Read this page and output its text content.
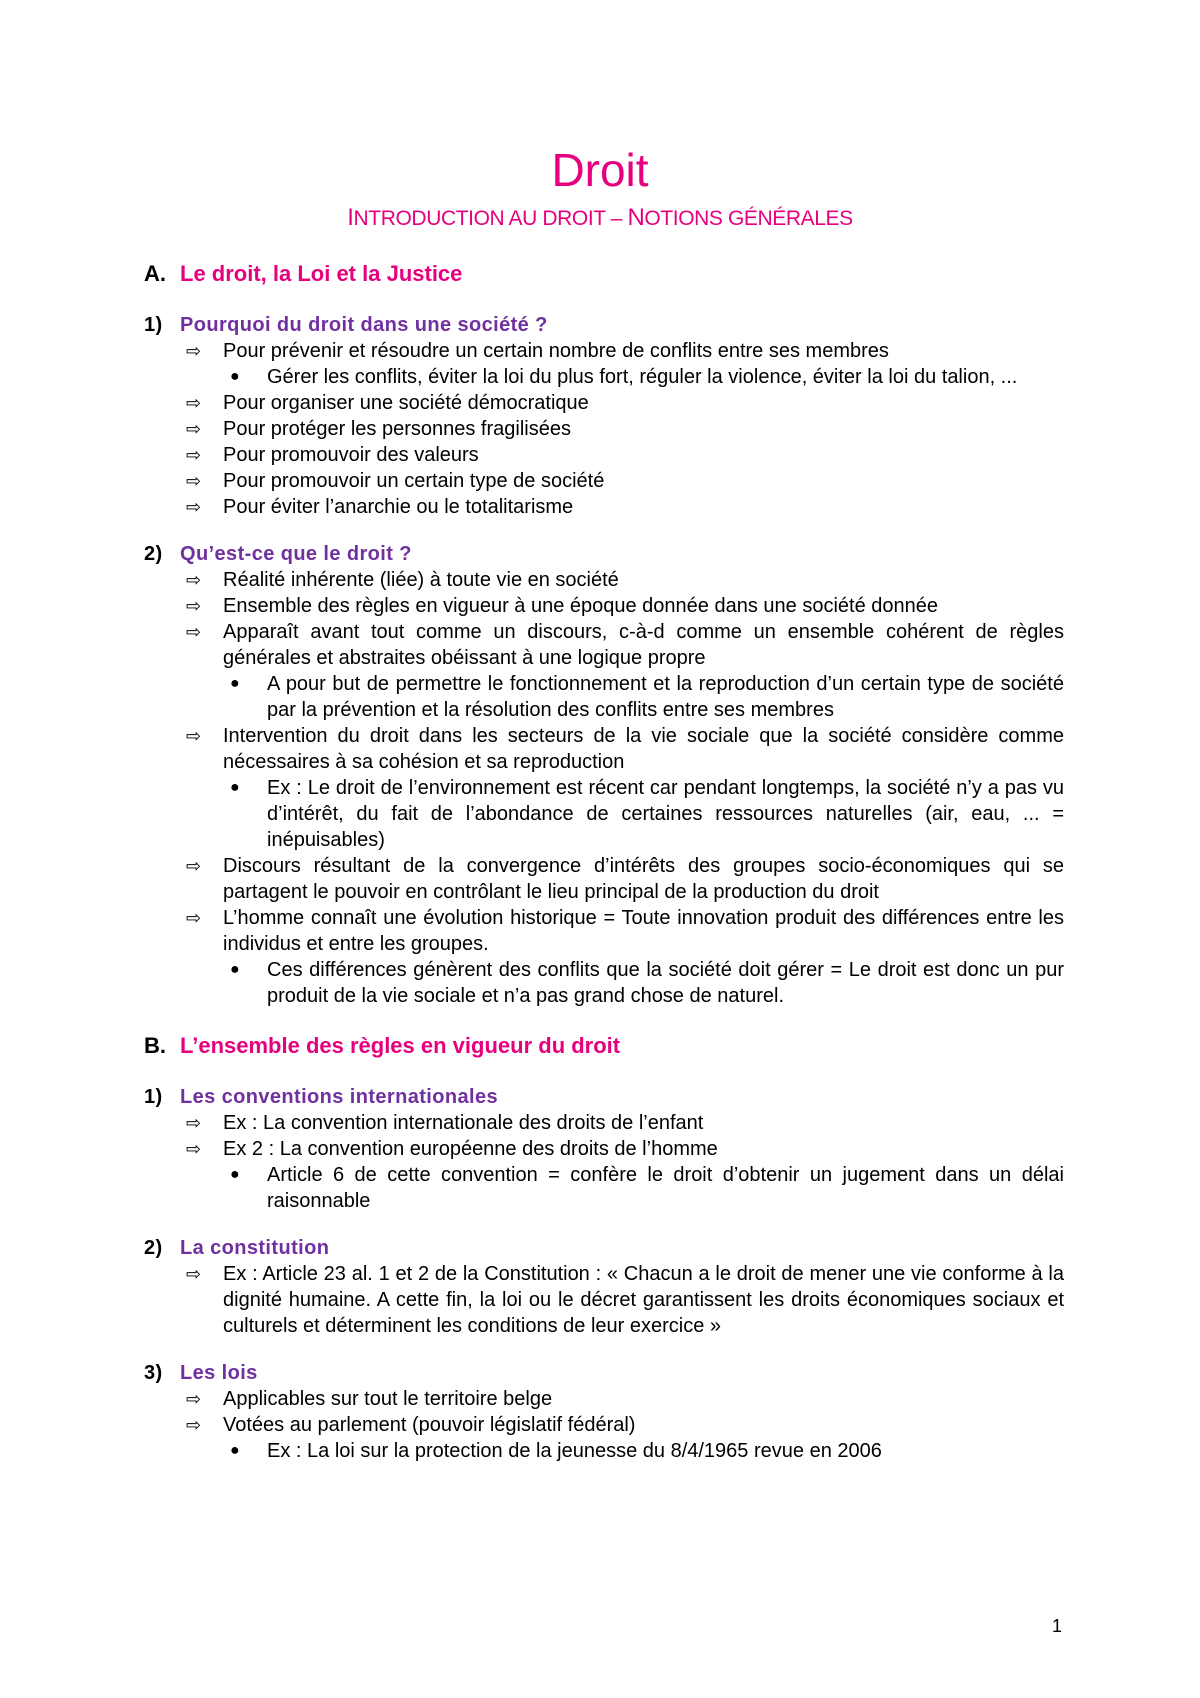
Droit
INTRODUCTION AU DROIT – NOTIONS GÉNÉRALES
A. Le droit, la Loi et la Justice
1) Pourquoi du droit dans une société ?
⇨	Pour prévenir et résoudre un certain nombre de conflits entre ses membres
●	Gérer les conflits, éviter la loi du plus fort, réguler la violence, éviter la loi du talion, ...
⇨	Pour organiser une société démocratique
⇨	Pour protéger les personnes fragilisées
⇨	Pour promouvoir des valeurs
⇨	Pour promouvoir un certain type de société
⇨	Pour éviter l’anarchie ou le totalitarisme
2) Qu’est-ce que le droit ?
⇨	Réalité inhérente (liée) à toute vie en société
⇨	Ensemble des règles en vigueur à une époque donnée dans une société donnée
⇨	Apparaît avant tout comme un discours, c-à-d comme un ensemble cohérent de règles générales et abstraites obéissant à une logique propre
●	A pour but de permettre le fonctionnement et la reproduction d’un certain type de société par la prévention et la résolution des conflits entre ses membres
⇨	Intervention du droit dans les secteurs de la vie sociale que la société considère comme nécessaires à sa cohésion et sa reproduction
●	Ex : Le droit de l’environnement est récent car pendant longtemps, la société n’y a pas vu d’intérêt, du fait de l’abondance de certaines ressources naturelles (air, eau, ... = inépuisables)
⇨	Discours résultant de la convergence d’intérêts des groupes socio-économiques qui se partagent le pouvoir en contrôlant le lieu principal de la production du droit
⇨	L’homme connaît une évolution historique = Toute innovation produit des différences entre les individus et entre les groupes.
●	Ces différences génèrent des conflits que la société doit gérer = Le droit est donc un pur produit de la vie sociale et n’a pas grand chose de naturel.
B. L’ensemble des règles en vigueur du droit
1) Les conventions internationales
⇨	Ex : La convention internationale des droits de l’enfant
⇨	Ex 2 : La convention européenne des droits de l’homme
●	Article 6 de cette convention = confère le droit d’obtenir un jugement dans un délai raisonnable
2) La constitution
⇨	Ex : Article 23 al. 1 et 2 de la Constitution : « Chacun a le droit de mener une vie conforme à la dignité humaine. A cette fin, la loi ou le décret garantissent les droits économiques sociaux et culturels et déterminent les conditions de leur exercice »
3) Les lois
⇨	Applicables sur tout le territoire belge
⇨	Votées au parlement (pouvoir législatif fédéral)
●	Ex : La loi sur la protection de la jeunesse du 8/4/1965 revue en 2006
1
